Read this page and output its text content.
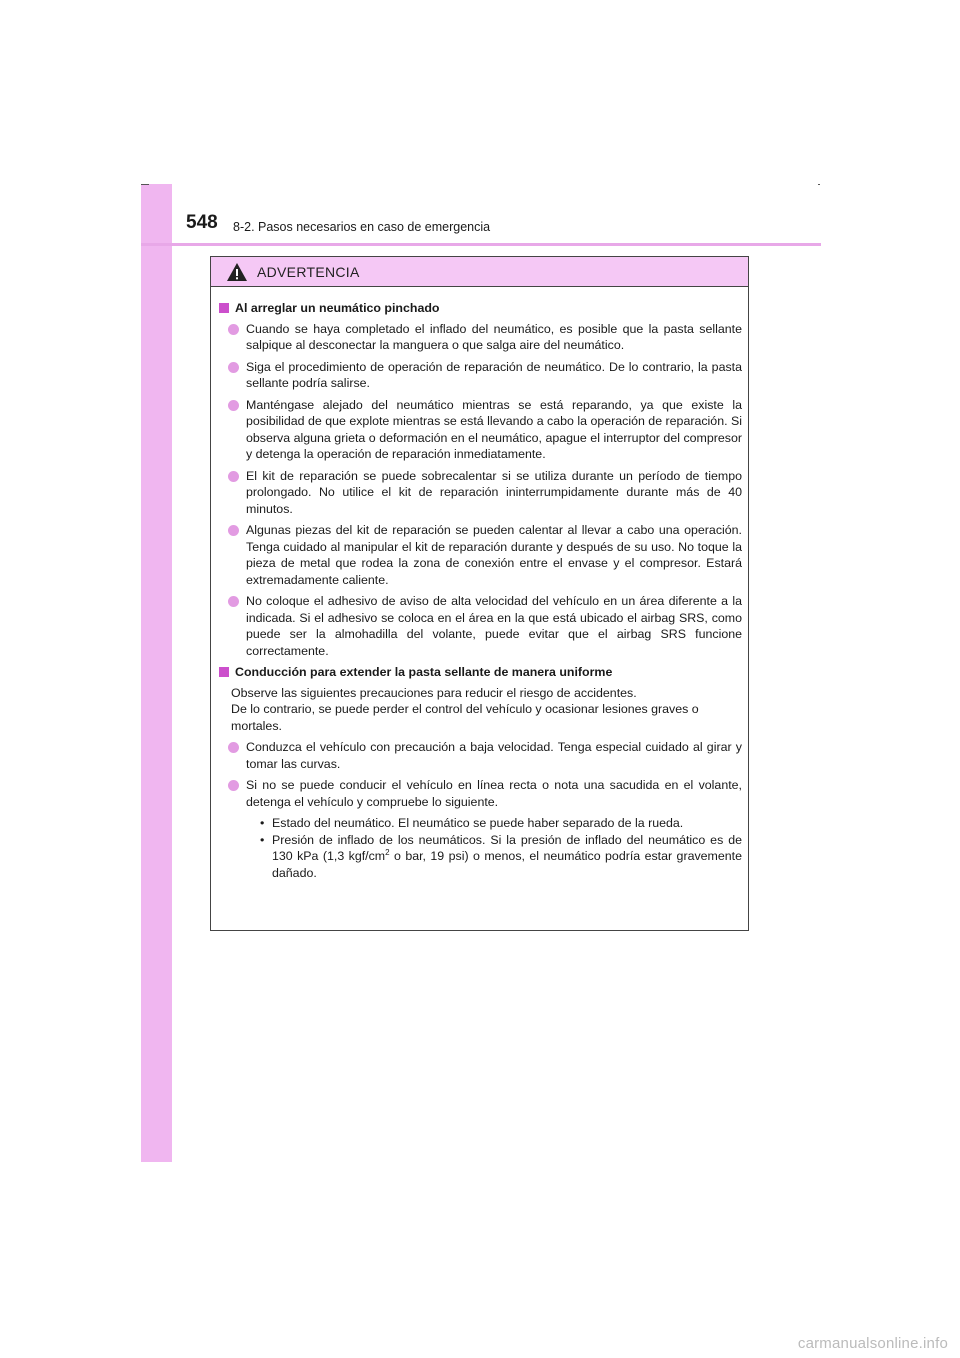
548 8-2. Pasos necesarios en caso de emergencia
ADVERTENCIA
Al arreglar un neumático pinchado
Cuando se haya completado el inflado del neumático, es posible que la pasta sellante salpique al desconectar la manguera o que salga aire del neumático.
Siga el procedimiento de operación de reparación de neumático. De lo contrario, la pasta sellante podría salirse.
Manténgase alejado del neumático mientras se está reparando, ya que existe la posibilidad de que explote mientras se está llevando a cabo la operación de reparación. Si observa alguna grieta o deformación en el neumático, apague el interruptor del compresor y detenga la operación de reparación inmediatamente.
El kit de reparación se puede sobrecalentar si se utiliza durante un período de tiempo prolongado. No utilice el kit de reparación ininterrumpidamente durante más de 40 minutos.
Algunas piezas del kit de reparación se pueden calentar al llevar a cabo una operación. Tenga cuidado al manipular el kit de reparación durante y después de su uso. No toque la pieza de metal que rodea la zona de conexión entre el envase y el compresor. Estará extremadamente caliente.
No coloque el adhesivo de aviso de alta velocidad del vehículo en un área diferente a la indicada. Si el adhesivo se coloca en el área en la que está ubicado el airbag SRS, como puede ser la almohadilla del volante, puede evitar que el airbag SRS funcione correctamente.
Conducción para extender la pasta sellante de manera uniforme

Observe las siguientes precauciones para reducir el riesgo de accidentes.

De lo contrario, se puede perder el control del vehículo y ocasionar lesiones graves o mortales.

Conduzca el vehículo con precaución a baja velocidad. Tenga especial cuidado al girar y tomar las curvas.
Si no se puede conducir el vehículo en línea recta o nota una sacudida en el volante, detenga el vehículo y compruebe lo siguiente.
• Estado del neumático. El neumático se puede haber separado de la rueda.
• Presión de inflado de los neumáticos. Si la presión de inflado del neumático es de 130 kPa (1,3 kgf/$cm^2$ o bar, 19 psi) o menos, el neumático podría estar gravemente dañado.
carmanualsonline.info
